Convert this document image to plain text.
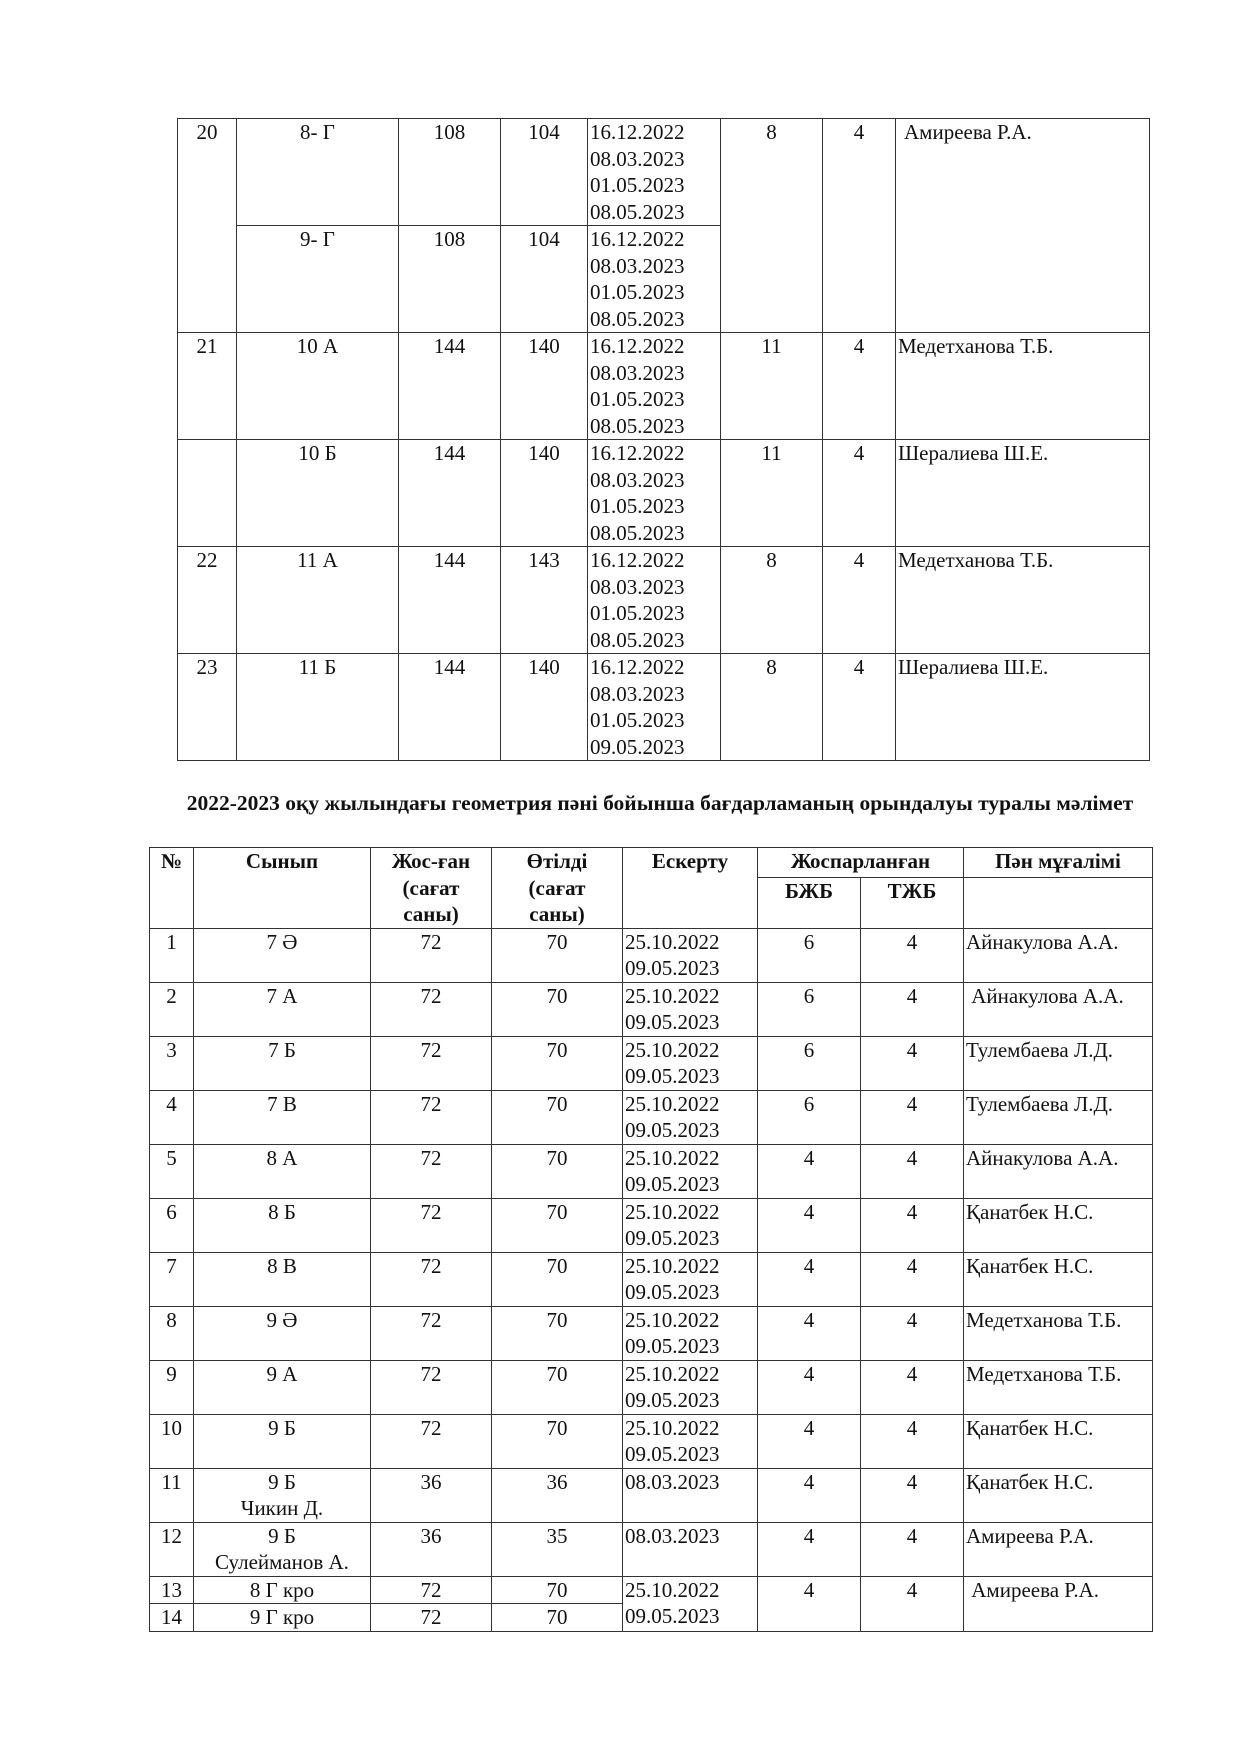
20	8- Г	108	104	16.12.2022
08.03.2023
01.05.2023
08.05.2023	8	4	Амиреева Р.А.
	9- Г	108	104	16.12.2022
08.03.2023
01.05.2023
08.05.2023			
21	10 А	144	140	16.12.2022
08.03.2023
01.05.2023
08.05.2023	11	4	Медетханова Т.Б.
	10 Б	144	140	16.12.2022
08.03.2023
01.05.2023
08.05.2023	11	4	Шералиева Ш.Е.
22	11 А	144	143	16.12.2022
08.03.2023
01.05.2023
08.05.2023	8	4	Медетханова Т.Б.
23	11 Б	144	140	16.12.2022
08.03.2023
01.05.2023
09.05.2023	8	4	Шералиева Ш.Е.
2022-2023 оқу жылындағы геометрия пәні бойынша бағдарламаның орындалуы туралы мәлімет
№	Сынып	Жос-ған
(сағат
саны)	Өтілді
(сағат
саны)	Ескерту	Жоспарланған		Пән мұғалімі
					БЖБ	ТЖБ	
1	7 Ә	72	70	25.10.2022
09.05.2023	6	4	Айнакулова А.А.
2	7 А	72	70	25.10.2022
09.05.2023	6	4	Айнакулова А.А.
3	7 Б	72	70	25.10.2022
09.05.2023	6	4	Тулембаева Л.Д.
4	7 В	72	70	25.10.2022
09.05.2023	6	4	Тулембаева Л.Д.
5	8 А	72	70	25.10.2022
09.05.2023	4	4	Айнакулова А.А.
6	8 Б	72	70	25.10.2022
09.05.2023	4	4	Қанатбек Н.С.
7	8 В	72	70	25.10.2022
09.05.2023	4	4	Қанатбек Н.С.
8	9 Ә	72	70	25.10.2022
09.05.2023	4	4	Медетханова Т.Б.
9	9 А	72	70	25.10.2022
09.05.2023	4	4	Медетханова Т.Б.
10	9 Б	72	70	25.10.2022
09.05.2023	4	4	Қанатбек Н.С.
11	9 Б
Чикин Д.	36	36	08.03.2023	4	4	Қанатбек Н.С.
12	9 Б
Сулейманов А.	36	35	08.03.2023	4	4	Амиреева Р.А.
13	8 Г кро	72	70	25.10.2022
09.05.2023	4	4	Амиреева Р.А.
14	9 Г кро	72	70				
